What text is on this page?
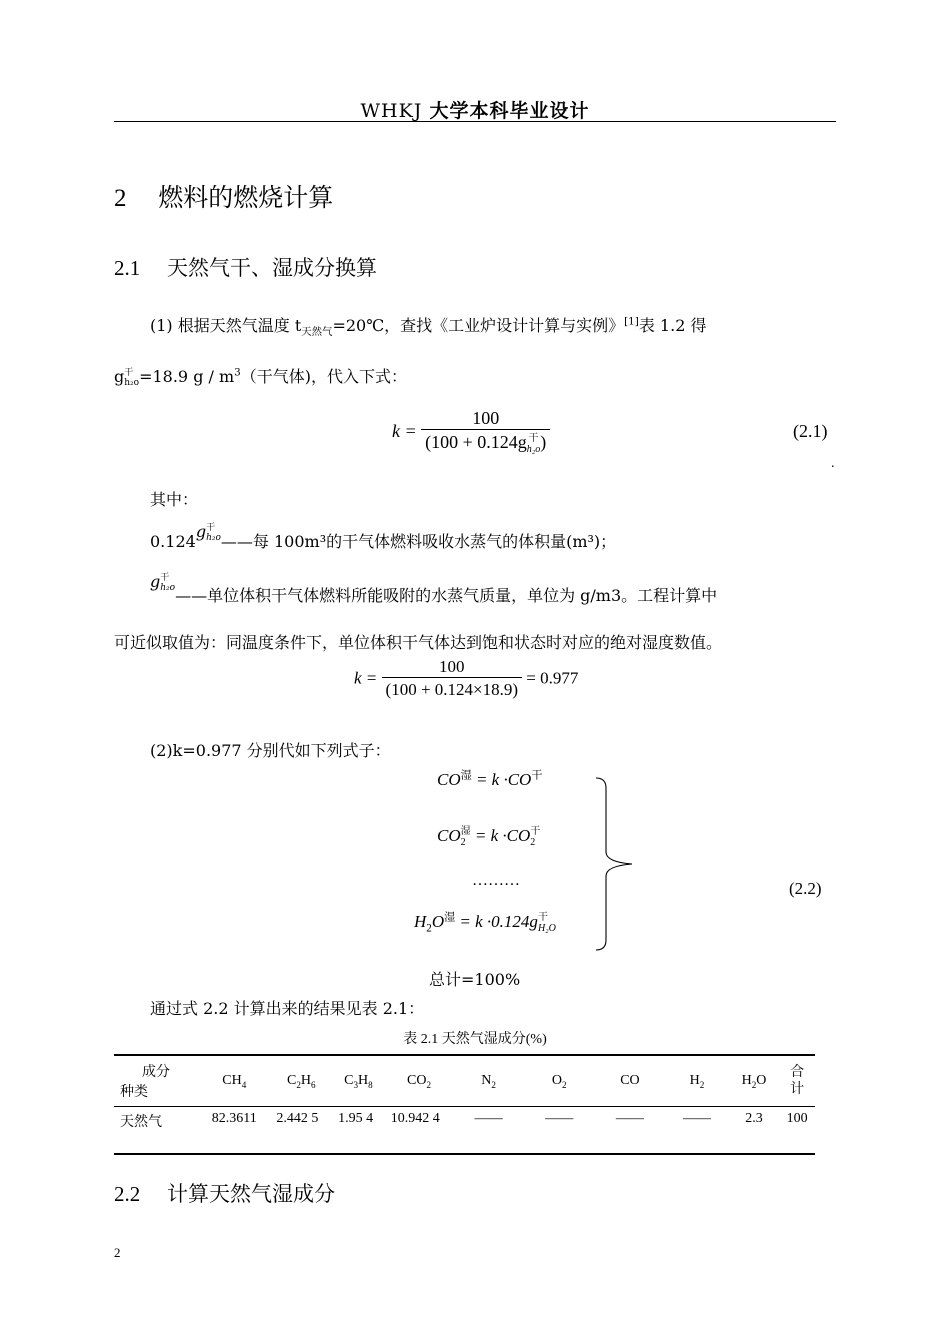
WHKJ 大学本科毕业设计
2 燃料的燃烧计算
2.1 天然气干、湿成分换算
(1) 根据天然气温度 $t_{天然气}=20℃$，查找《工业炉设计计算与实例》[1]表 1.2 得
g 干
h₂o =18.9 g / $m^3$（干气体)，代入下式：
k = 100
(100 + 0.124g 干
h₂o )	(2.1)
.
其中：
0.124g 干
h₂o ——每 100m³的干气体燃料吸收水蒸气的体积量(m³)；
g 干
h₂o ——单位体积干气体燃料所能吸附的水蒸气质量，单位为 g/m3。工程计算中
可近似取值为：同温度条件下，单位体积干气体达到饱和状态时对应的绝对湿度数值。
$k = \frac{100}{(100 + 0.124\times 18.9)} = 0.977$
(2)k=0.977 分别代如下列式子：
$CO^湿 = k \cdot CO^干$
CO 湿
2 = k ·CO 干
2
………
$H_2O^湿 = k \cdot 0.124g$ 干
H₂O
(2.2)
总计=100%
通过式 2.2 计算出来的结果见表 2.1：
表 2.1 天然气湿成分(%)
成分
种类	$CH_4$	$C_2H_6$	$C_3H_8$	$CO_2$	$N_2$	$O_2$	CO	$H_2$	$H_2O$	合计
天然气	82.3611	2.442 5	1.95 4	10.942 4	——	——	——	——	2.3	100
2.2 计算天然气湿成分
2
